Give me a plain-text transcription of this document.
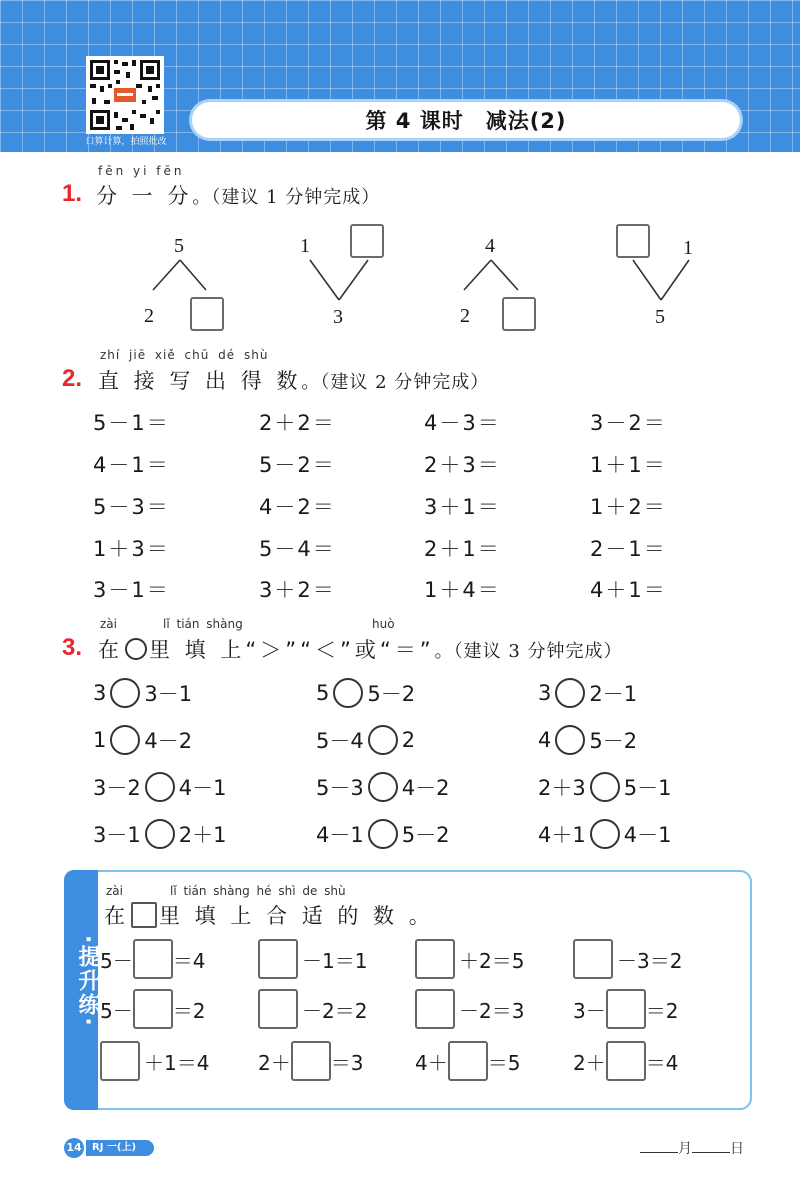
口算计算，拍照批改
第 4 课时 减法(2)
fēn yi fēn
1. 分 一 分。（建议 1 分钟完成）
5
2
1
3
4
2
1
5
zhí jiē xiě chū dé shù
2. 直 接 写 出 得 数。（建议 2 分钟完成）
5－1＝	2＋2＝	4－3＝	3－2＝
4－1＝	5－2＝	2＋3＝	1＋1＝
5－3＝	4－2＝	3＋1＝	1＋2＝
1＋3＝	5－4＝	2＋1＝	2－1＝
3－1＝	3＋2＝	1＋4＝	4＋1＝
zài	lǐ tián shàng	huò
3. 在 里 填 上“＞”“＜”或“＝”。（建议 3 分钟完成）
3 3－1	5 5－2	3 2－1
1 4－2	5－4 2	4 5－2
3－2 4－1	5－3 4－2	2＋3 5－1
3－1 2＋1	4－1 5－2	4＋1 4－1
·提升练·
zài	lǐ tián shàng hé shì de shù
在 里 填 上 合 适 的 数 。
5－ ＝4	－1＝1	＋2＝5	－3＝2
5－ ＝2	－2＝2	－2＝3 3－ ＝2
＋1＝4 2＋ ＝3	4＋ ＝5	2＋ ＝4
14	RJ 一(上)	月	日
